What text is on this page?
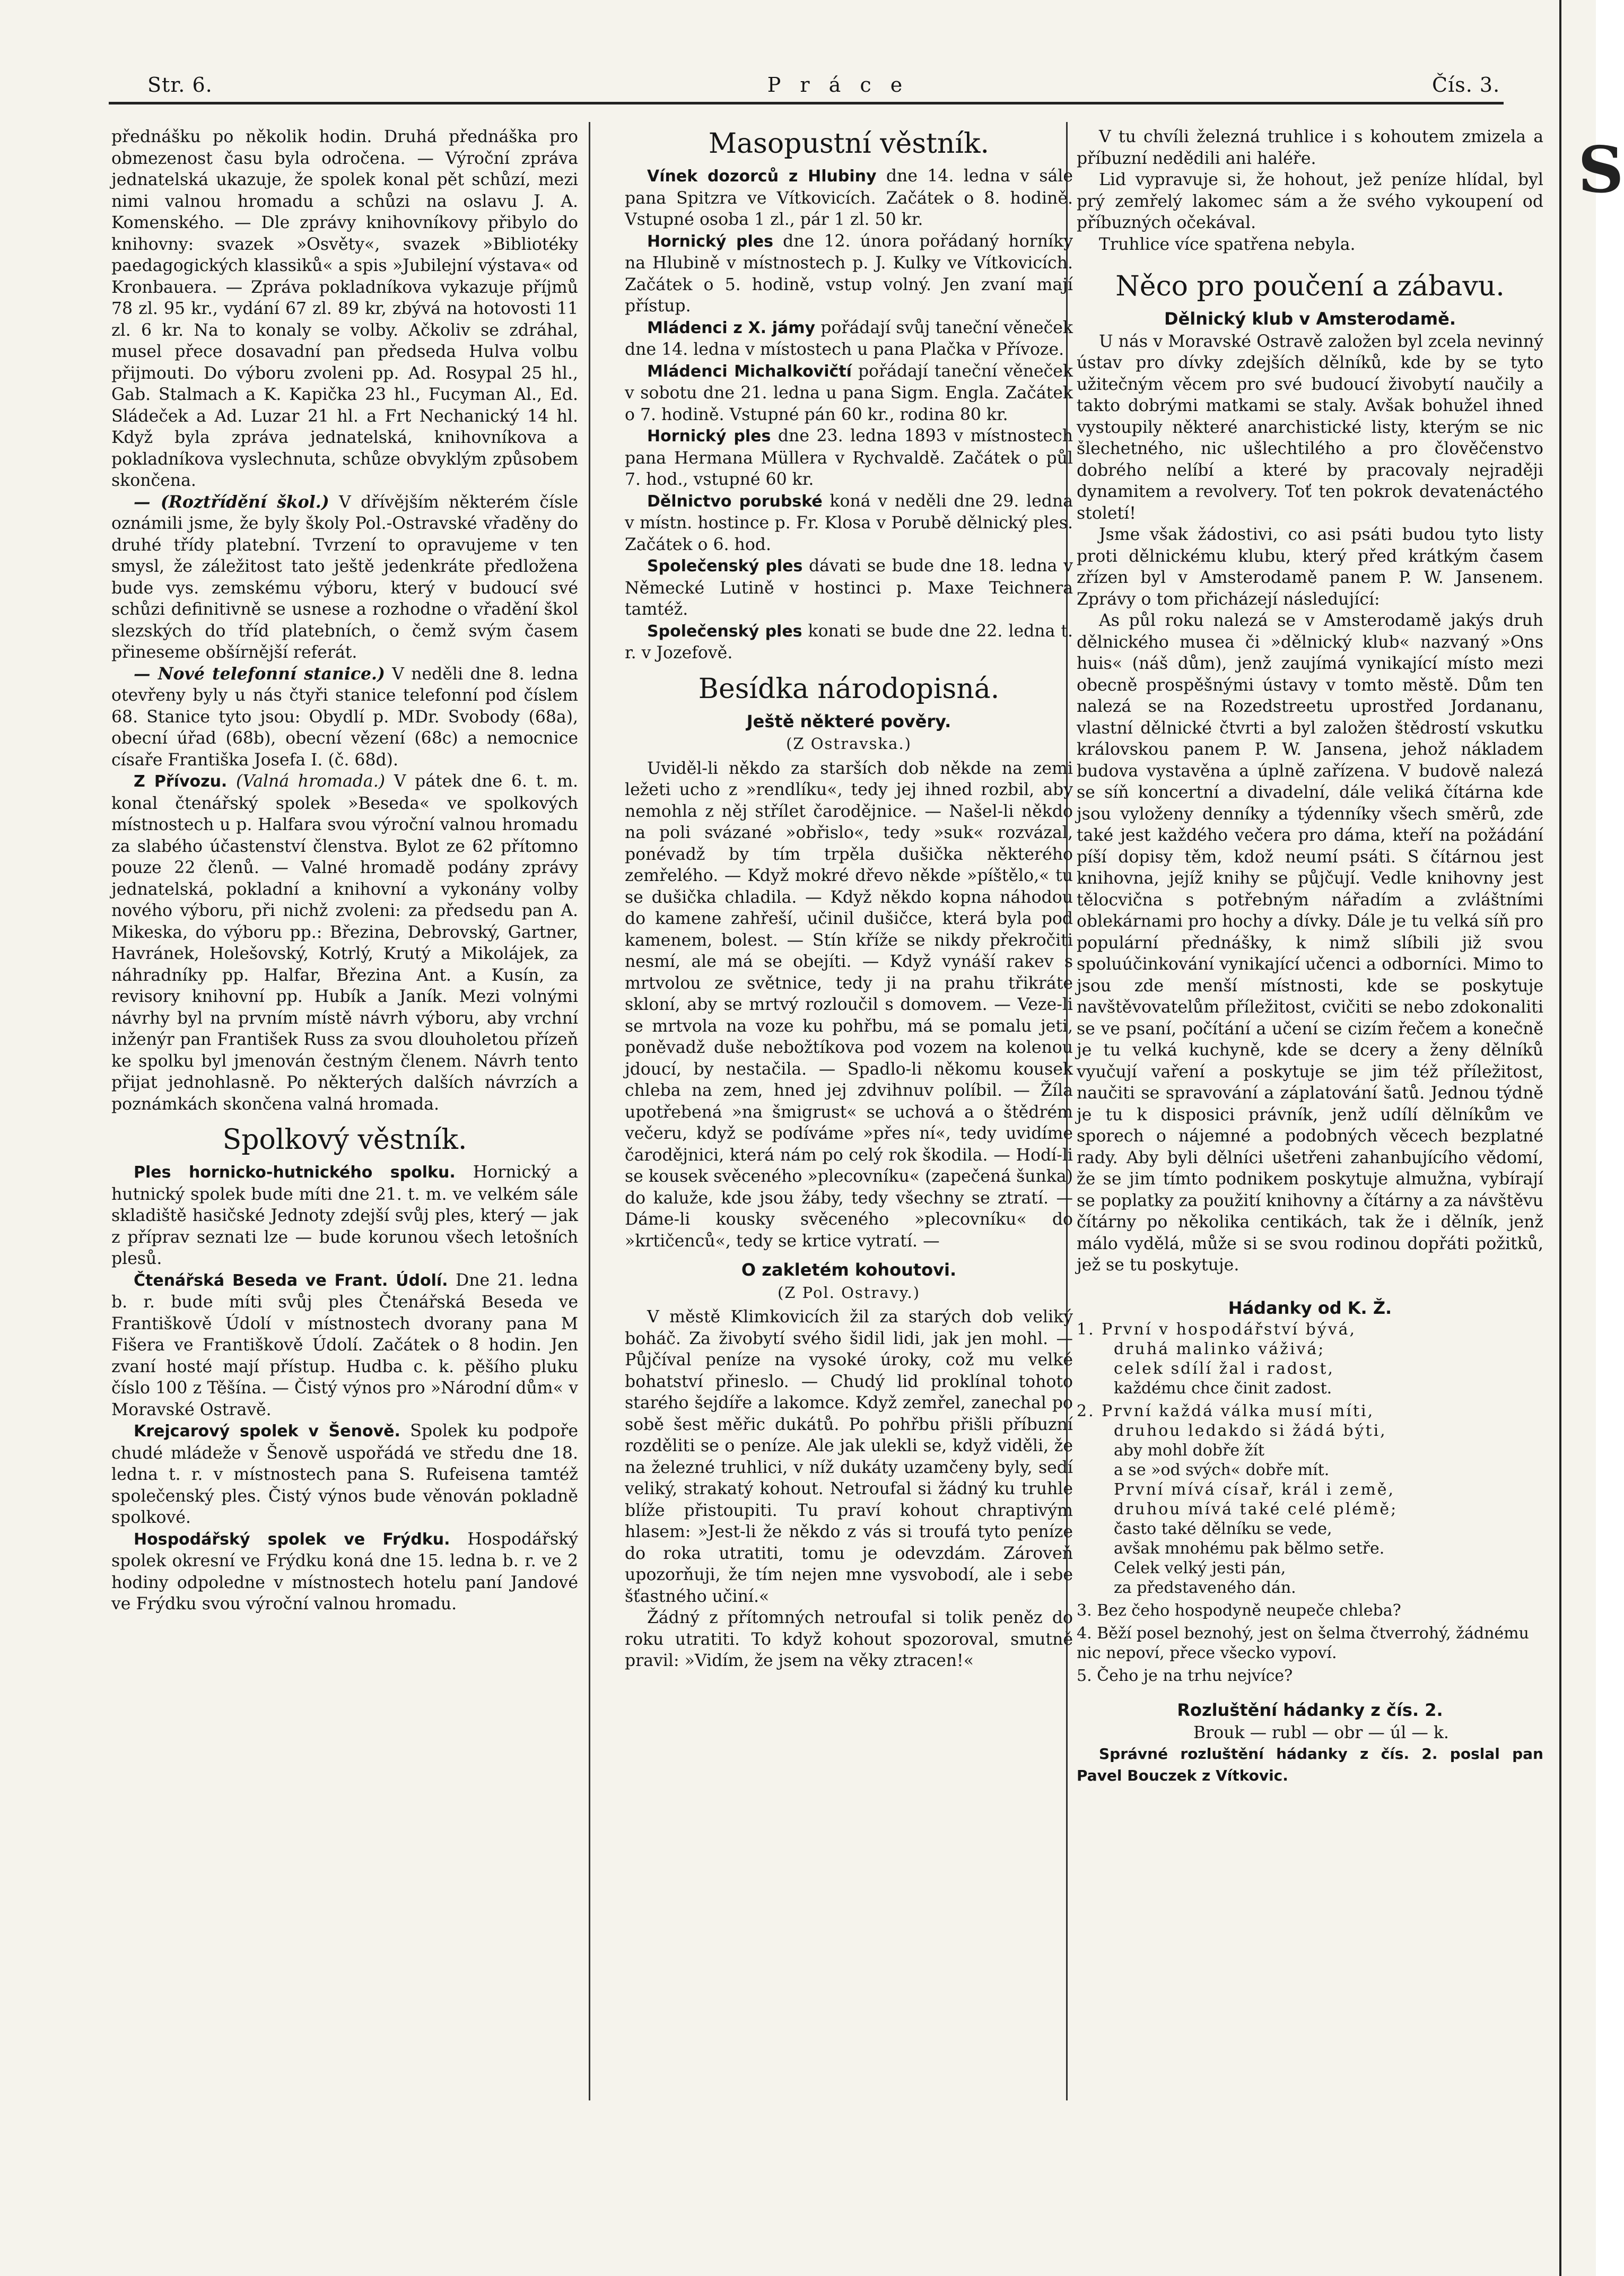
Str. 6.	P r á c e	Čís. 3.
S

přednášku po několik hodin. Druhá přednáška pro obmezenost času byla odročena. — Výroční zpráva jednatelská ukazuje, že spolek konal pět schůzí, mezi nimi valnou hromadu a schůzi na oslavu J. A. Komenského. — Dle zprávy knihovníkovy přibylo do knihovny: svazek »Osvěty«, svazek »Bibliotéky paedagogických klassiků« a spis »Jubilejní výstava« od Kronbauera. — Zpráva pokladníkova vykazuje příjmů 78 zl. 95 kr., vydání 67 zl. 89 kr, zbývá na hotovosti 11 zl. 6 kr. Na to konaly se volby. Ačkoliv se zdráhal, musel přece dosavadní pan předseda Hulva volbu přijmouti. Do výboru zvoleni pp. Ad. Rosypal 25 hl., Gab. Stalmach a K. Kapička 23 hl., Fucyman Al., Ed. Sládeček a Ad. Luzar 21 hl. a Frt Nechanický 14 hl. Když byla zpráva jednatelská, knihovníkova a pokladníkova vyslechnuta, schůze obvyklým způsobem skončena.

— (Roztřídění škol.) V dřívějším některém čísle oznámili jsme, že byly školy Pol.-Ostravské vřaděny do druhé třídy platební. Tvrzení to opravujeme v ten smysl, že záležitost tato ještě jedenkráte předložena bude vys. zemskému výboru, který v budoucí své schůzi definitivně se usnese a rozhodne o vřadění škol slezských do tříd platebních, o čemž svým časem přineseme obšírnější referát.

— Nové telefonní stanice.) V neděli dne 8. ledna otevřeny byly u nás čtyři stanice telefonní pod číslem 68. Stanice tyto jsou: Obydlí p. MDr. Svobody (68a), obecní úřad (68b), obecní vězení (68c) a nemocnice císaře Františka Josefa I. (č. 68d).

Z Přívozu. (Valná hromada.) V pátek dne 6. t. m. konal čtenářský spolek »Beseda« ve spolkových místnostech u p. Halfara svou výroční valnou hromadu za slabého účastenství členstva. Bylot ze 62 přítomno pouze 22 členů. — Valné hromadě podány zprávy jednatelská, pokladní a knihovní a vykonány volby nového výboru, při nichž zvoleni: za předsedu pan A. Mikeska, do výboru pp.: Březina, Debrovský, Gartner, Havránek, Holešovský, Kotrlý, Krutý a Mikolájek, za náhradníky pp. Halfar, Březina Ant. a Kusín, za revisory knihovní pp. Hubík a Janík. Mezi volnými návrhy byl na prvním místě návrh výboru, aby vrchní inženýr pan František Russ za svou dlouholetou přízeň ke spolku byl jmenován čestným členem. Návrh tento přijat jednohlasně. Po některých dalších návrzích a poznámkách skončena valná hromada.

Spolkový věstník.

Ples hornicko-hutnického spolku. Hornický a hutnický spolek bude míti dne 21. t. m. ve velkém sále skladiště hasičské Jednoty zdejší svůj ples, který — jak z příprav seznati lze — bude korunou všech letošních plesů.

Čtenářská Beseda ve Frant. Údolí. Dne 21. ledna b. r. bude míti svůj ples Čtenářská Beseda ve Františkově Údolí v místnostech dvorany pana M Fišera ve Františkově Údolí. Začátek o 8 hodin. Jen zvaní hosté mají přístup. Hudba c. k. pěšího pluku číslo 100 z Těšína. — Čistý výnos pro »Národní dům« v Moravské Ostravě.

Krejcarový spolek v Šenově. Spolek ku podpoře chudé mládeže v Šenově uspořádá ve středu dne 18. ledna t. r. v místnostech pana S. Rufeisena tamtéž společenský ples. Čistý výnos bude věnován pokladně spolkové.

Hospodářský spolek ve Frýdku. Hospodářský spolek okresní ve Frýdku koná dne 15. ledna b. r. ve 2 hodiny odpoledne v místnostech hotelu paní Jandové ve Frýdku svou výroční valnou hromadu.

Masopustní věstník.

Vínek dozorců z Hlubiny dne 14. ledna v sále pana Spitzra ve Vítkovicích. Začátek o 8. hodině. Vstupné osoba 1 zl., pár 1 zl. 50 kr.

Hornický ples dne 12. února pořádaný horníky na Hlubině v místnostech p. J. Kulky ve Vítkovicích. Začátek o 5. hodině, vstup volný. Jen zvaní mají přístup.

Mládenci z X. jámy pořádají svůj taneční věneček dne 14. ledna v místostech u pana Plačka v Přívoze.

Mládenci Michalkovičtí pořádají taneční věneček v sobotu dne 21. ledna u pana Sigm. Engla. Začátek o 7. hodině. Vstupné pán 60 kr., rodina 80 kr.

Hornický ples dne 23. ledna 1893 v místnostech pana Hermana Müllera v Rychvaldě. Začátek o půl 7. hod., vstupné 60 kr.

Dělnictvo porubské koná v neděli dne 29. ledna v místn. hostince p. Fr. Klosa v Porubě dělnický ples. Začátek o 6. hod.

Společenský ples dávati se bude dne 18. ledna v Německé Lutině v hostinci p. Maxe Teichnera tamtéž.

Společenský ples konati se bude dne 22. ledna t. r. v Jozefově.

Besídka národopisná.
Ještě některé pověry.
(Z Ostravska.)

Uviděl-li někdo za starších dob někde na zemi ležeti ucho z »rendlíku«, tedy jej ihned rozbil, aby nemohla z něj střílet čarodějnice. — Našel-li někdo na poli svázané »obřislo«, tedy »suk« rozvázal, ponévadž by tím trpěla dušička některého zemřelého. — Když mokré dřevo někde »píštělo,« tu se dušička chladila. — Když někdo kopna náhodou do kamene zahřeší, učinil dušičce, která byla pod kamenem, bolest. — Stín kříže se nikdy překročiti nesmí, ale má se obejíti. — Když vynáší rakev s mrtvolou ze světnice, tedy ji na prahu třikráte skloní, aby se mrtvý rozloučil s domovem. — Veze-li se mrtvola na voze ku pohřbu, má se pomalu jeti, poněvadž duše nebožtíkova pod vozem na kolenou jdoucí, by nestačila. — Spadlo-li někomu kousek chleba na zem, hned jej zdvihnuv políbil. — Žíla upotřebená »na šmigrust« se uchová a o štědrém večeru, když se podíváme »přes ní«, tedy uvidíme čarodějnici, která nám po celý rok škodila. — Hodí-li se kousek svěceného »plecovníku« (zapečená šunka) do kaluže, kde jsou žáby, tedy všechny se ztratí. — Dáme-li kousky svěceného »plecovníku« do »krtičenců«, tedy se krtice vytratí. —

O zakletém kohoutovi.
(Z Pol. Ostravy.)

V městě Klimkovicích žil za starých dob veliký boháč. Za živobytí svého šidil lidi, jak jen mohl. — Půjčíval peníze na vysoké úroky, což mu velké bohatství přineslo. — Chudý lid proklínal tohoto starého šejdíře a lakomce. Když zemřel, zanechal po sobě šest měřic dukátů. Po pohřbu přišli příbuzní rozděliti se o peníze. Ale jak ulekli se, když viděli, že na železné truhlici, v níž dukáty uzamčeny byly, sedí veliký, strakatý kohout. Netroufal si žádný ku truhle blíže přistoupiti. Tu praví kohout chraptivým hlasem: »Jest-li že někdo z vás si troufá tyto peníze do roka utratiti, tomu je odevzdám. Zároveň upozorňuji, že tím nejen mne vysvobodí, ale i sebe šťastného učiní.«

Žádný z přítomných netroufal si tolik peněz do roku utratiti. To když kohout spozoroval, smutně pravil: »Vidím, že jsem na věky ztracen!«

V tu chvíli železná truhlice i s kohoutem zmizela a příbuzní nedědili ani haléře.

Lid vypravuje si, že hohout, jež peníze hlídal, byl prý zemřelý lakomec sám a že svého vykoupení od příbuzných očekával.

Truhlice více spatřena nebyla.

Něco pro poučení a zábavu.
Dělnický klub v Amsterodamě.

U nás v Moravské Ostravě založen byl zcela nevinný ústav pro dívky zdejších dělníků, kde by se tyto užitečným věcem pro své budoucí živobytí naučily a takto dobrými matkami se staly. Avšak bohužel ihned vystoupily některé anarchistické listy, kterým se nic šlechetného, nic ušlechtilého a pro člověčenstvo dobrého nelíbí a které by pracovaly nejraději dynamitem a revolvery. Toť ten pokrok devatenáctého století!

Jsme však žádostivi, co asi psáti budou tyto listy proti dělnickému klubu, který před krátkým časem zřízen byl v Amsterodamě panem P. W. Jansenem. Zprávy o tom přicházejí následující:

As půl roku nalezá se v Amsterodamě jakýs druh dělnického musea či »dělnický klub« nazvaný »Ons huis« (náš dům), jenž zaujímá vynikající místo mezi obecně prospěšnými ústavy v tomto městě. Dům ten nalezá se na Rozedstreetu uprostřed Jordananu, vlastní dělnické čtvrti a byl založen štědrostí vskutku královskou panem P. W. Jansena, jehož nákladem budova vystavěna a úplně zařízena. V budově nalezá se síň koncertní a divadelní, dále veliká čítárna kde jsou vyloženy denníky a týdenníky všech směrů, zde také jest každého večera pro dáma, kteří na požádání píší dopisy těm, kdož neumí psáti. S čítárnou jest knihovna, jejíž knihy se půjčují. Vedle knihovny jest tělocvična s potřebným nářadím a zvláštními oblekárnami pro hochy a dívky. Dále je tu velká síň pro populární přednášky, k nimž slíbili již svou spoluúčinkování vynikající učenci a odborníci. Mimo to jsou zde menší místnosti, kde se poskytuje navštěvovatelům příležitost, cvičiti se nebo zdokonaliti se ve psaní, počítání a učení se cizím řečem a konečně je tu velká kuchyně, kde se dcery a ženy dělníků vyučují vaření a poskytuje se jim též příležitost, naučiti se spravování a záplatování šatů. Jednou týdně je tu k disposici právník, jenž udílí dělníkům ve sporech o nájemné a podobných věcech bezplatné rady. Aby byli dělníci ušetřeni zahanbujícího vědomí, že se jim tímto podnikem poskytuje almužna, vybírají se poplatky za použití knihovny a čítárny a za návštěvu čítárny po několika centikách, tak že i dělník, jenž málo vydělá, může si se svou rodinou dopřáti požitků, jež se tu poskytuje.

Hádanky od K. Ž.
1. První v hospodářství bývá,
druhá malinko váživá;
celek sdílí žal i radost,
každému chce činit zadost.
2. První každá válka musí míti,
druhou ledakdo si žádá býti,
aby mohl dobře žít
a se »od svých« dobře mít.
První mívá císař, král i země,
druhou mívá také celé plémě;
často také dělníku se vede,
avšak mnohému pak bělmo setře.
Celek velký jesti pán,
za představeného dán.
3. Bez čeho hospodyně neupeče chleba?
4. Běží posel beznohý, jest on šelma čtverrohý, žádnému nic nepoví, přece všecko vypoví.
5. Čeho je na trhu nejvíce?
Rozluštění hádanky z čís. 2.

Brouk — rubl — obr — úl — k.

Správné rozluštění hádanky z čís. 2. poslal pan Pavel Bouczek z Vítkovic.
